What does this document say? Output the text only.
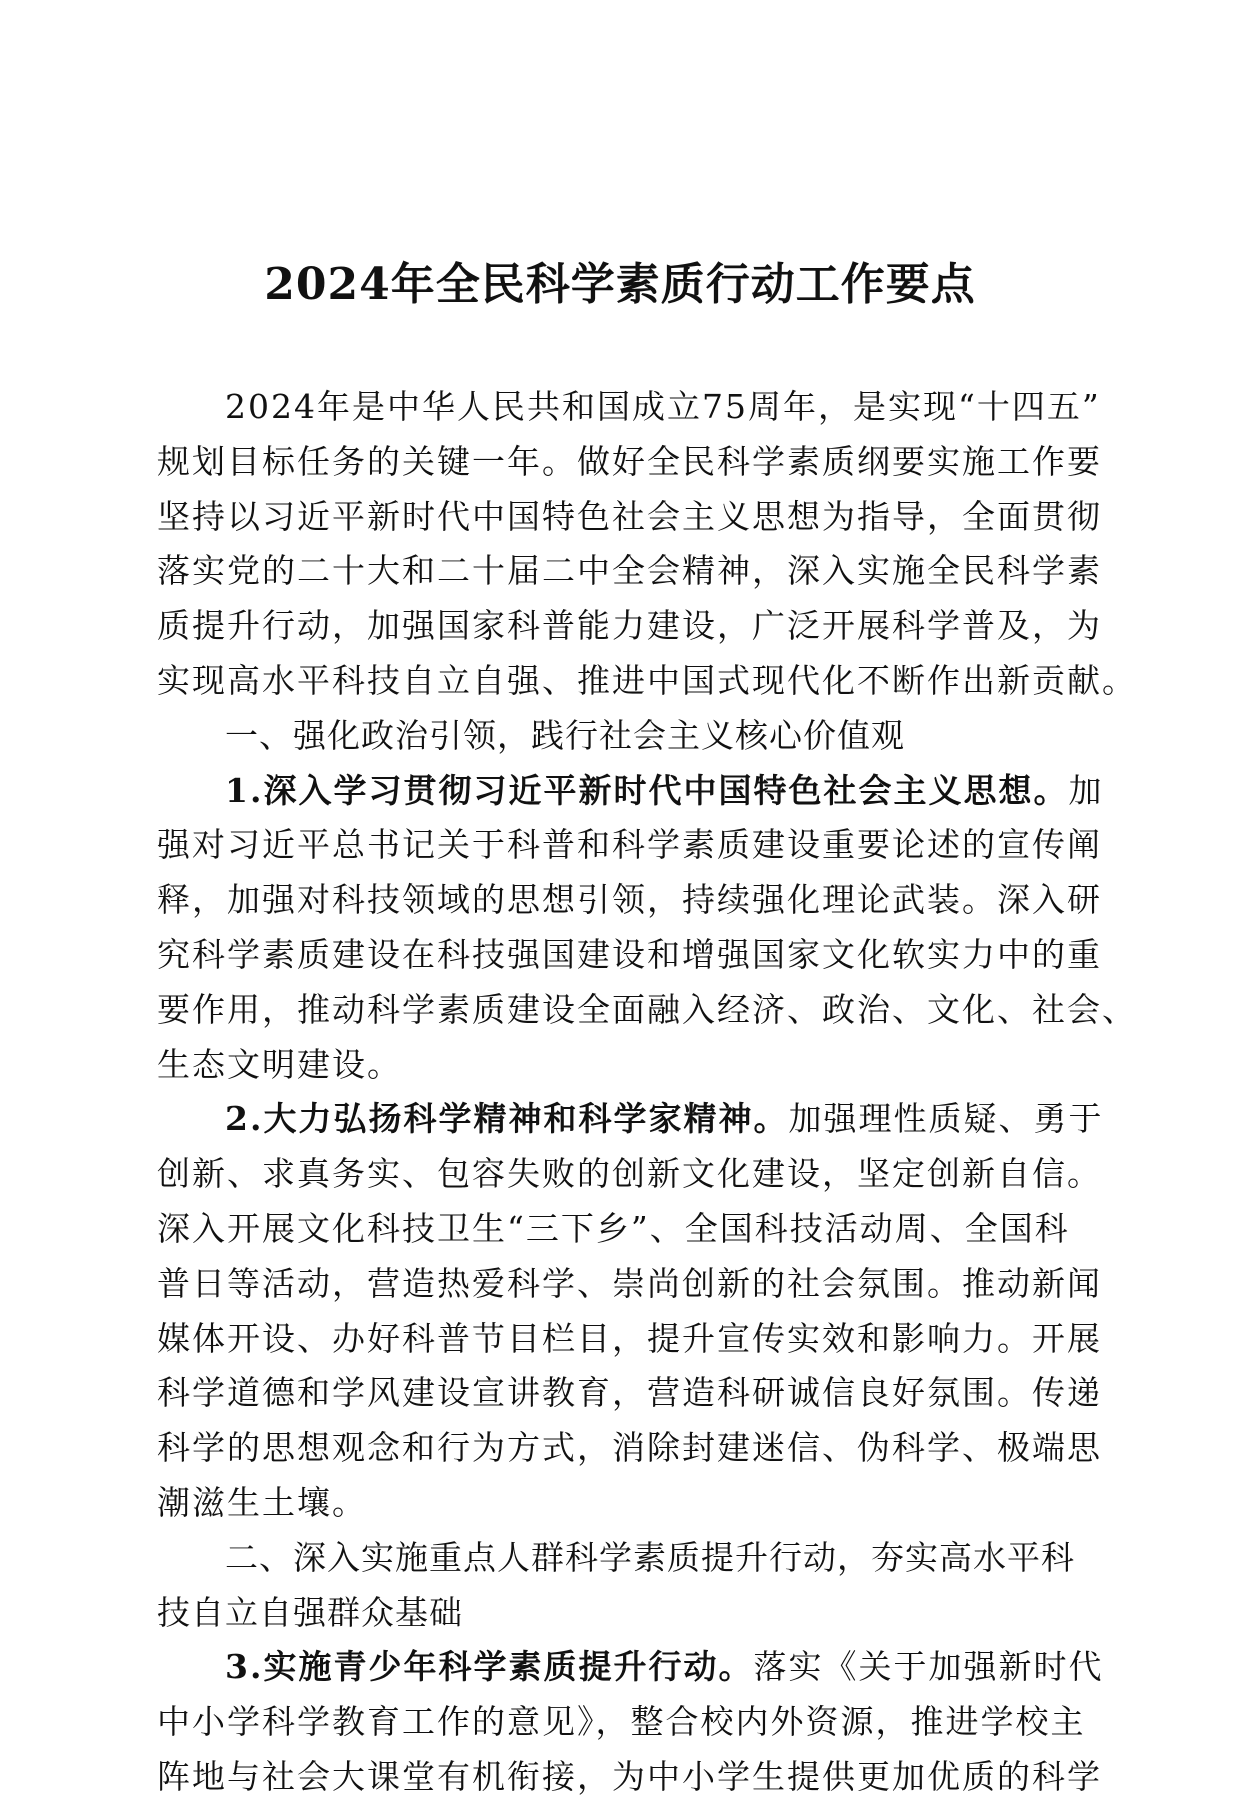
2024年全民科学素质行动工作要点
2024年是中华人民共和国成立75周年，是实现“十四五”
规划目标任务的关键一年。做好全民科学素质纲要实施工作要
坚持以习近平新时代中国特色社会主义思想为指导，全面贯彻
落实党的二十大和二十届二中全会精神，深入实施全民科学素
质提升行动，加强国家科普能力建设，广泛开展科学普及，为
实现高水平科技自立自强、推进中国式现代化不断作出新贡献。
一、强化政治引领，践行社会主义核心价值观
1.深入学习贯彻习近平新时代中国特色社会主义思想。加
强对习近平总书记关于科普和科学素质建设重要论述的宣传阐
释，加强对科技领域的思想引领，持续强化理论武装。深入研
究科学素质建设在科技强国建设和增强国家文化软实力中的重
要作用，推动科学素质建设全面融入经济、政治、文化、社会、
生态文明建设。
2.大力弘扬科学精神和科学家精神。加强理性质疑、勇于
创新、求真务实、包容失败的创新文化建设，坚定创新自信。
深入开展文化科技卫生“三下乡”、全国科技活动周、全国科
普日等活动，营造热爱科学、崇尚创新的社会氛围。推动新闻
媒体开设、办好科普节目栏目，提升宣传实效和影响力。开展
科学道德和学风建设宣讲教育，营造科研诚信良好氛围。传递
科学的思想观念和行为方式，消除封建迷信、伪科学、极端思
潮滋生土壤。
二、深入实施重点人群科学素质提升行动，夯实高水平科
技自立自强群众基础
3.实施青少年科学素质提升行动。落实《关于加强新时代
中小学科学教育工作的意见》，整合校内外资源，推进学校主
阵地与社会大课堂有机衔接，为中小学生提供更加优质的科学
